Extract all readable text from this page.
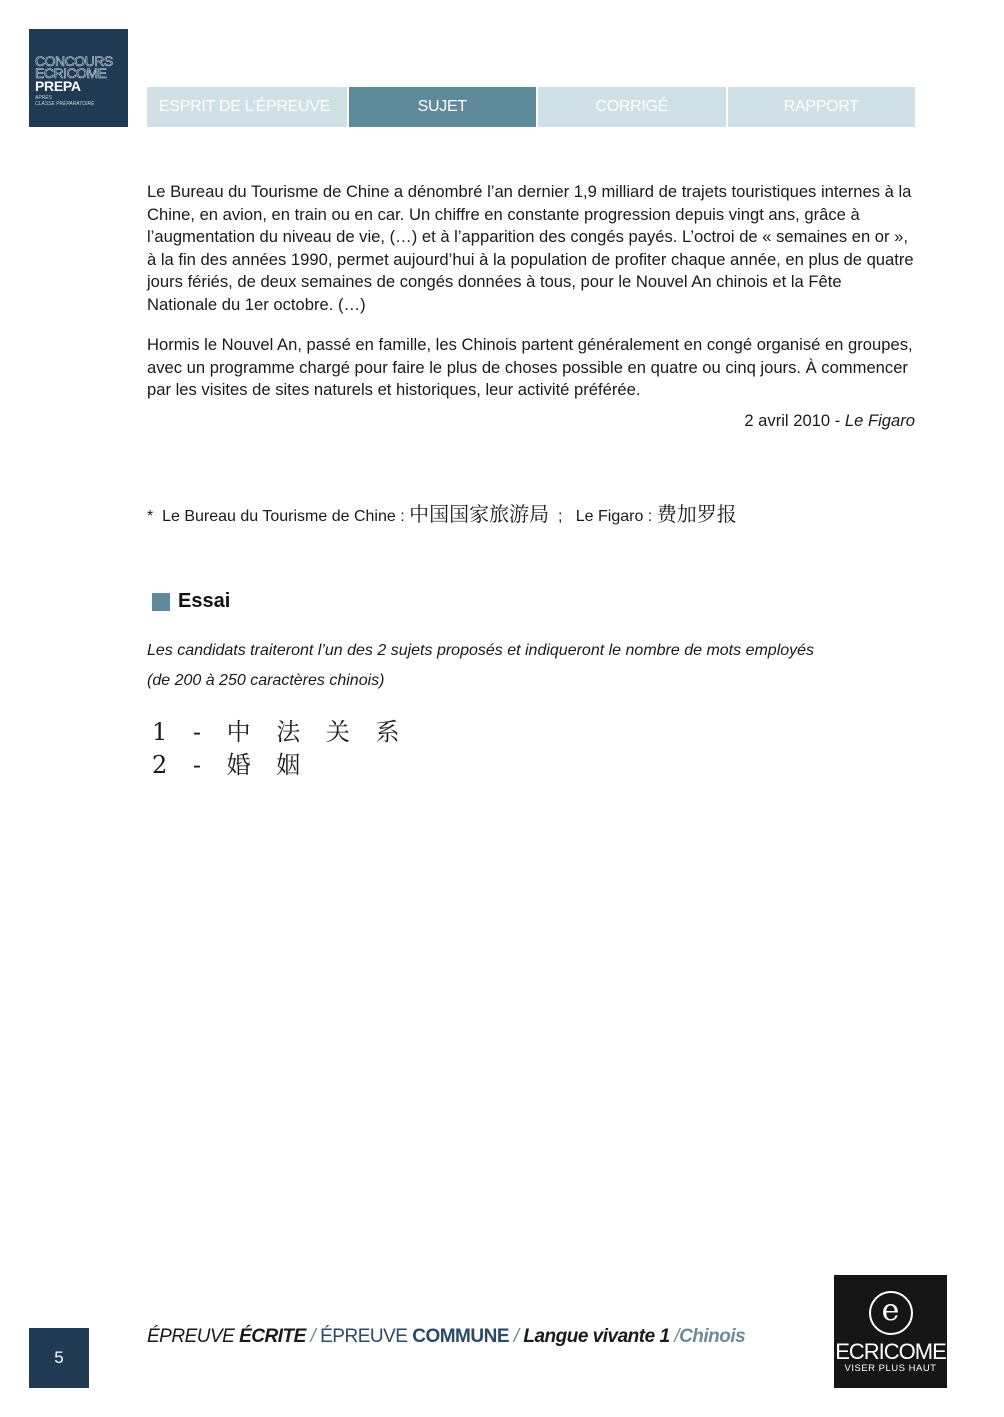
CONCOURS
ECRICOME
PREPA
APRÈS
CLASSE PRÉPARATOIRE	ESPRIT DE L’ÉPREUVE	SUJET	CORRIGÉ	RAPPORT

Le Bureau du Tourisme de Chine a dénombré l’an dernier 1,9 milliard de trajets touristiques internes à la Chine, en avion, en train ou en car. Un chiffre en constante progression depuis vingt ans, grâce à l’augmentation du niveau de vie, (…) et à l’apparition des congés payés. L’octroi de « semaines en or », à la fin des années 1990, permet aujourd’hui à la population de profiter chaque année, en plus de quatre jours fériés, de deux semaines de congés données à tous, pour le Nouvel An chinois et la Fête Nationale du 1er octobre. (…)

Hormis le Nouvel An, passé en famille, les Chinois partent généralement en congé organisé en groupes, avec un programme chargé pour faire le plus de choses possible en quatre ou cinq jours. À commencer par les visites de sites naturels et historiques, leur activité préférée.

2 avril 2010 - Le Figaro
*  Le Bureau du Tourisme de Chine : 中国国家旅游局  ;   Le Figaro : 费加罗报
Essai
Les candidats traiteront l’un des 2 sujets proposés et indiqueront le nombre de mots employés
(de 200 à 250 caractères chinois)
1 - 中 法 关 系
2 - 婚 姻
5
ÉPREUVE ÉCRITE / ÉPREUVE COMMUNE / Langue vivante 1 /Chinois
e
ECRICOME
VISER PLUS HAUT
